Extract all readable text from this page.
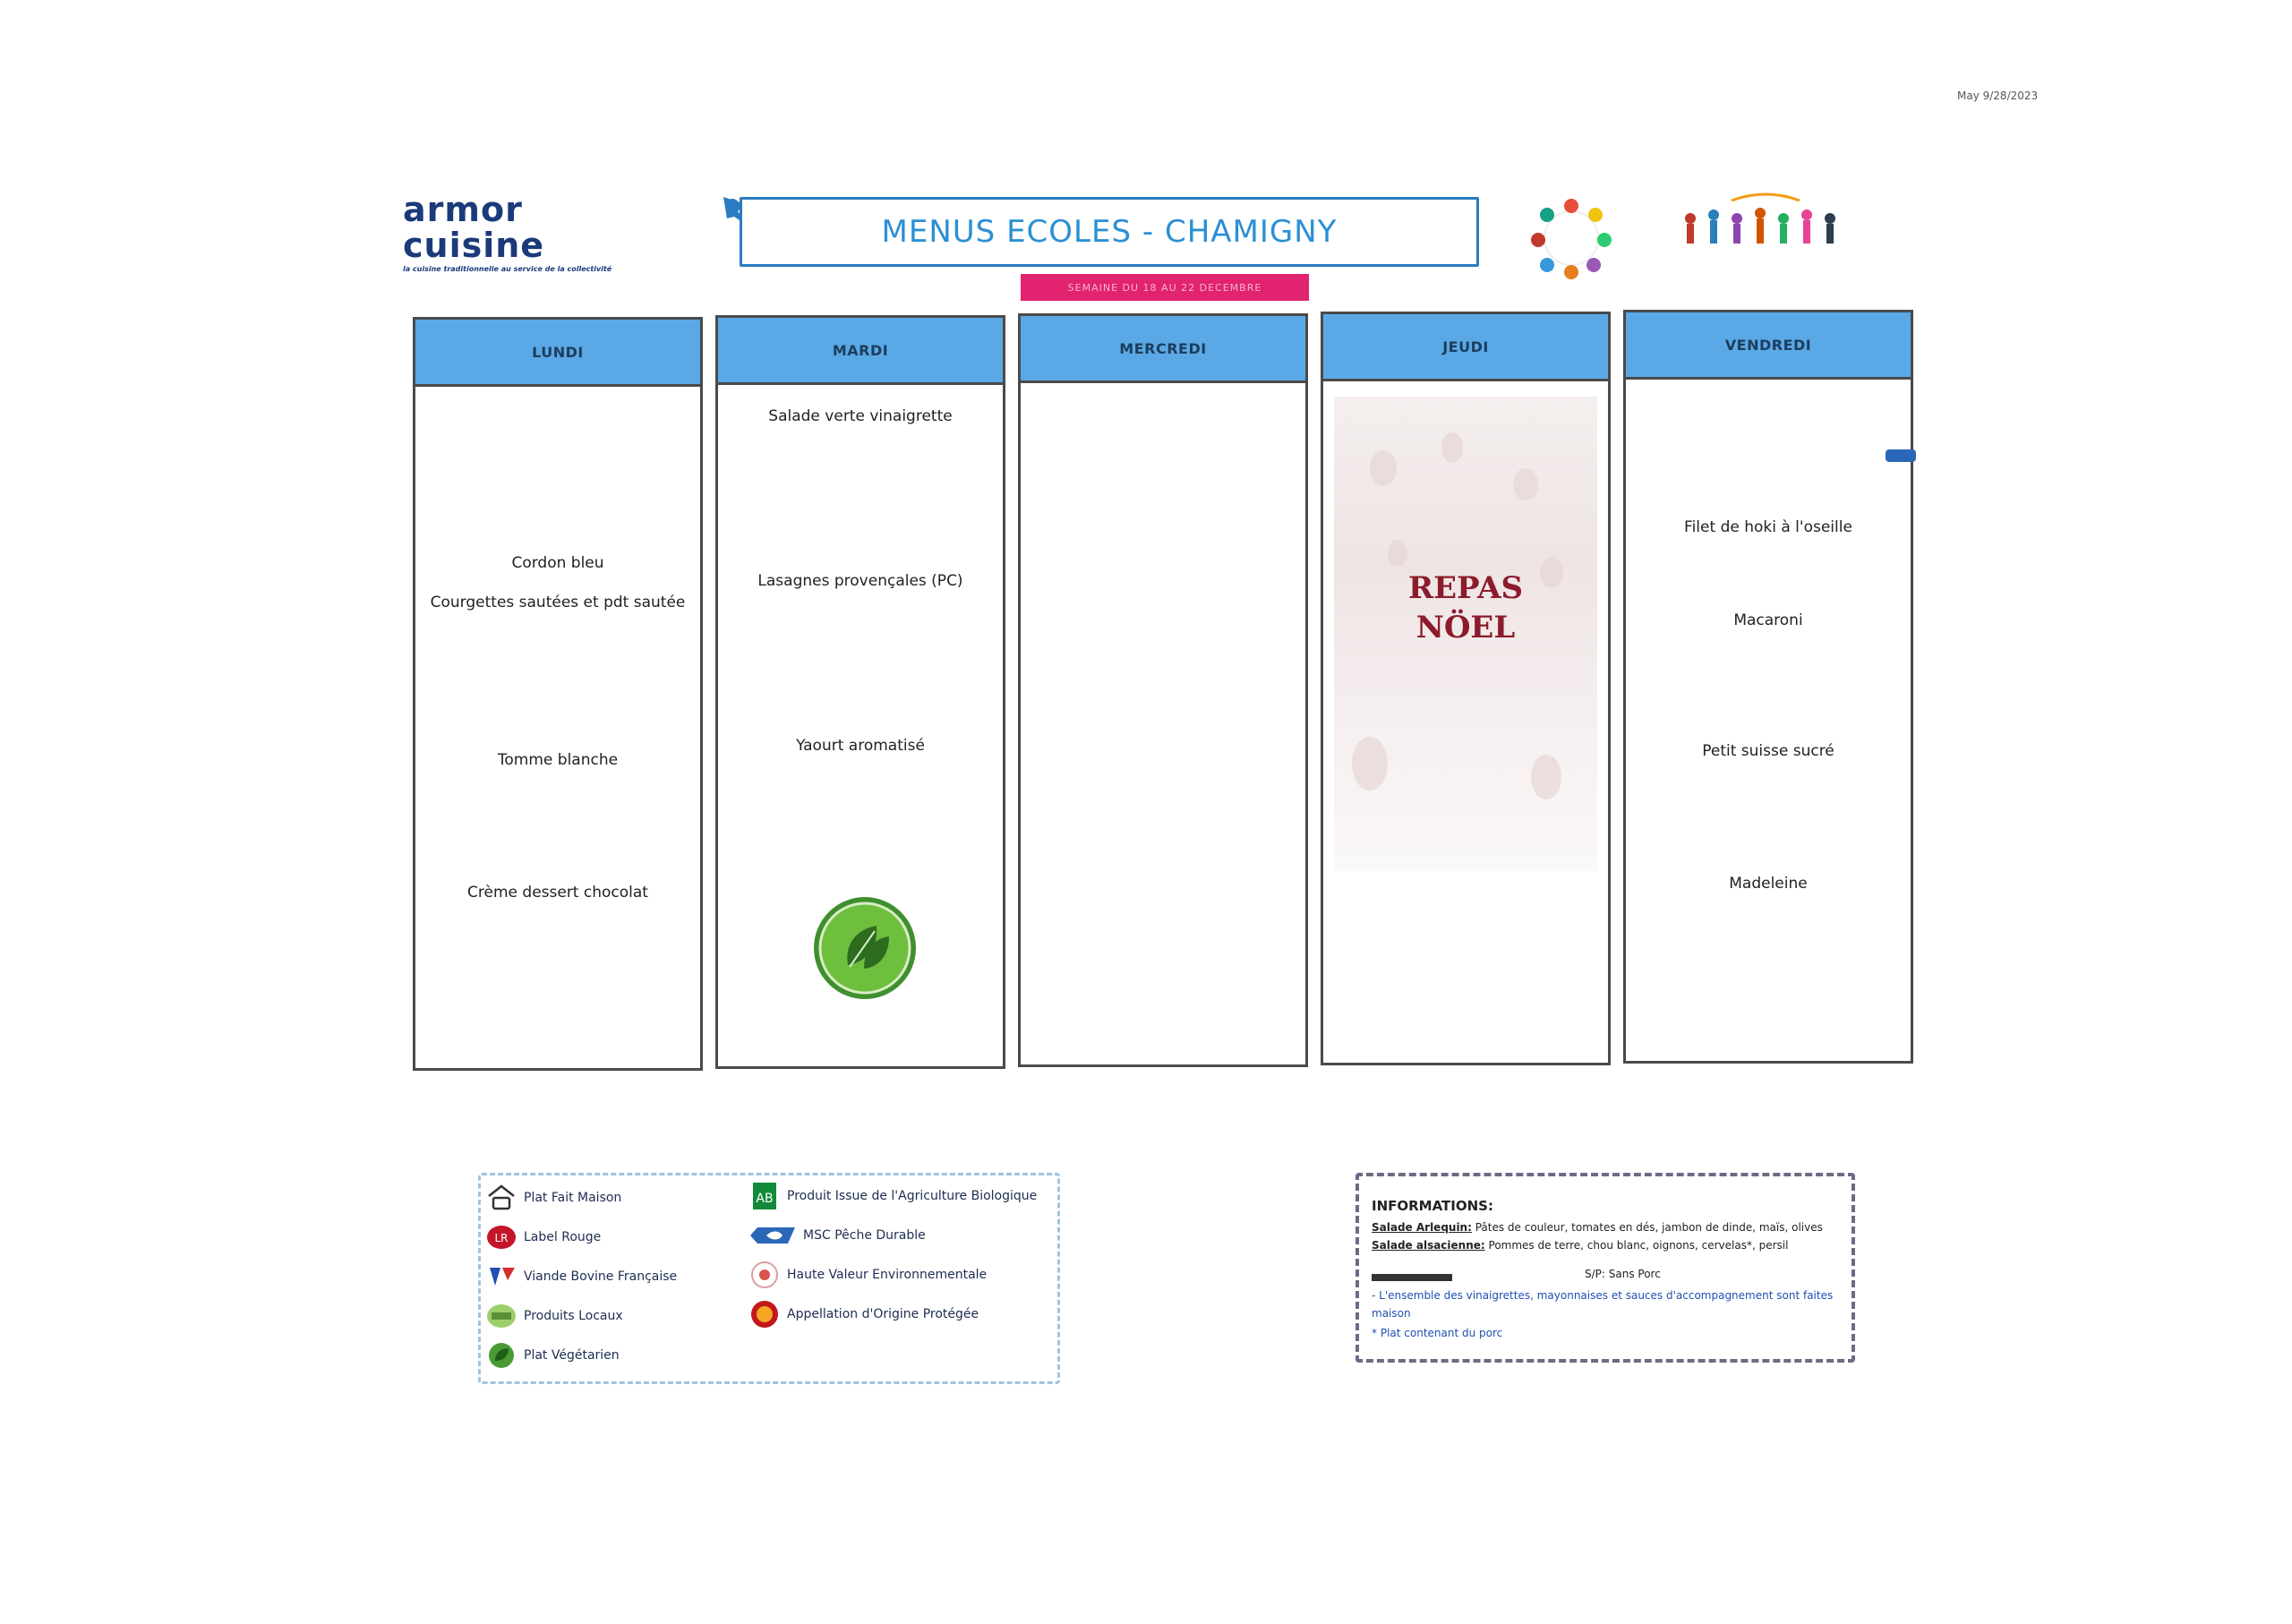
May 9/28/2023
armor cuisine
la cuisine traditionnelle au service de la collectivité
MENUS ECOLES - CHAMIGNY
SEMAINE DU 18 AU 22 DECEMBRE
LUNDI
Cordon bleu
Courgettes sautées et pdt sautée
Tomme blanche
Crème dessert chocolat
MARDI
Salade verte vinaigrette
Lasagnes provençales (PC)
Yaourt aromatisé
MERCREDI	JEUDI
REPAS
NÖEL
VENDREDI
Filet de hoki à l'oseille
Macaroni
Petit suisse sucré
Madeleine
Plat Fait Maison
LR Label Rouge
Viande Bovine Française
Produits Locaux
Plat Végétarien
AB Produit Issue de l'Agriculture Biologique
MSC Pêche Durable
Haute Valeur Environnementale
Appellation d'Origine Protégée
INFORMATIONS:
Salade Arlequin: Pâtes de couleur, tomates en dés, jambon de dinde, maïs, olives
Salade alsacienne: Pommes de terre, chou blanc, oignons, cervelas*, persil
S/P: Sans Porc
- L'ensemble des vinaigrettes, mayonnaises et sauces d'accompagnement sont faites
maison
* Plat contenant du porc
